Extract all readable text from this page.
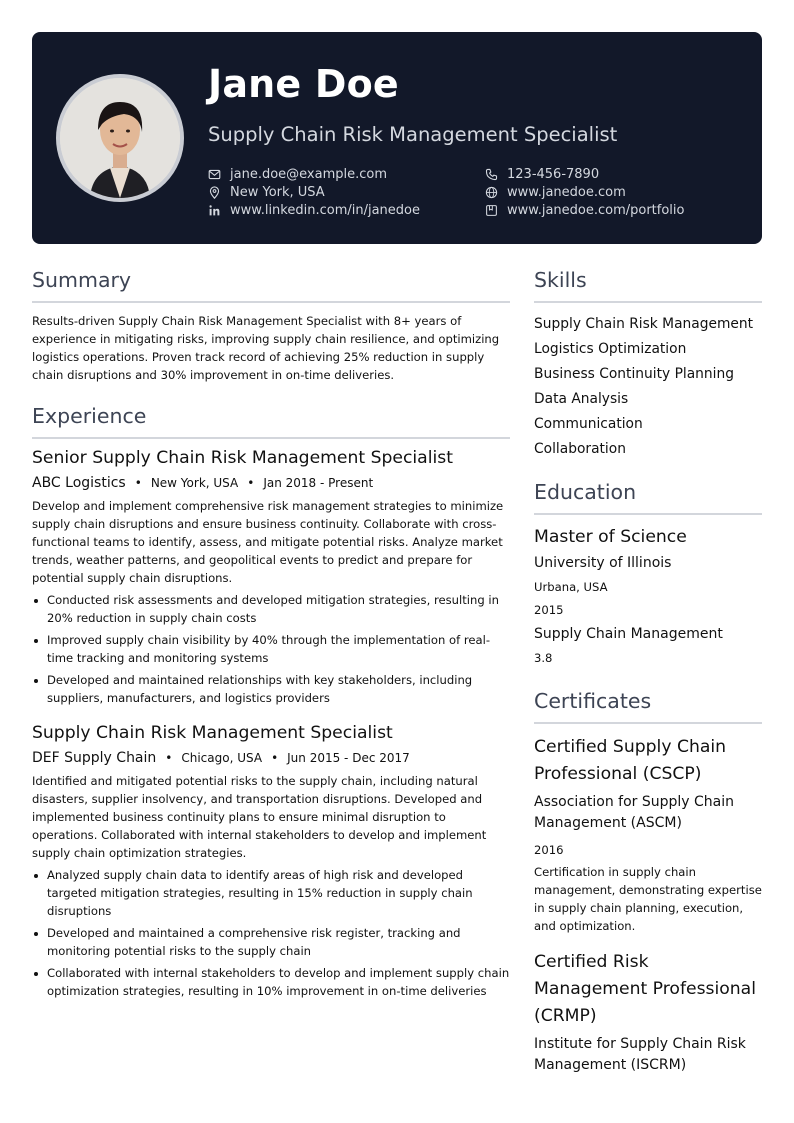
Jane Doe
Supply Chain Risk Management Specialist
jane.doe@example.com
New York, USA
www.linkedin.com/in/janedoe
123-456-7890
www.janedoe.com
www.janedoe.com/portfolio
Summary
Results-driven Supply Chain Risk Management Specialist with 8+ years of experience in mitigating risks, improving supply chain resilience, and optimizing logistics operations. Proven track record of achieving 25% reduction in supply chain disruptions and 30% improvement in on-time deliveries.
Experience
Senior Supply Chain Risk Management Specialist
ABC Logistics • New York, USA • Jan 2018 - Present
Develop and implement comprehensive risk management strategies to minimize supply chain disruptions and ensure business continuity. Collaborate with cross-functional teams to identify, assess, and mitigate potential risks. Analyze market trends, weather patterns, and geopolitical events to predict and prepare for potential supply chain disruptions.
Conducted risk assessments and developed mitigation strategies, resulting in 20% reduction in supply chain costs
Improved supply chain visibility by 40% through the implementation of real-time tracking and monitoring systems
Developed and maintained relationships with key stakeholders, including suppliers, manufacturers, and logistics providers
Supply Chain Risk Management Specialist
DEF Supply Chain • Chicago, USA • Jun 2015 - Dec 2017
Identified and mitigated potential risks to the supply chain, including natural disasters, supplier insolvency, and transportation disruptions. Developed and implemented business continuity plans to ensure minimal disruption to operations. Collaborated with internal stakeholders to develop and implement supply chain optimization strategies.
Analyzed supply chain data to identify areas of high risk and developed targeted mitigation strategies, resulting in 15% reduction in supply chain disruptions
Developed and maintained a comprehensive risk register, tracking and monitoring potential risks to the supply chain
Collaborated with internal stakeholders to develop and implement supply chain optimization strategies, resulting in 10% improvement in on-time deliveries
Skills
Supply Chain Risk Management
Logistics Optimization
Business Continuity Planning
Data Analysis
Communication
Collaboration
Education
Master of Science
University of Illinois
Urbana, USA
2015
Supply Chain Management
3.8
Certificates
Certified Supply Chain Professional (CSCP)
Association for Supply Chain Management (ASCM)
2016
Certification in supply chain management, demonstrating expertise in supply chain planning, execution, and optimization.
Certified Risk Management Professional (CRMP)
Institute for Supply Chain Risk Management (ISCRM)
